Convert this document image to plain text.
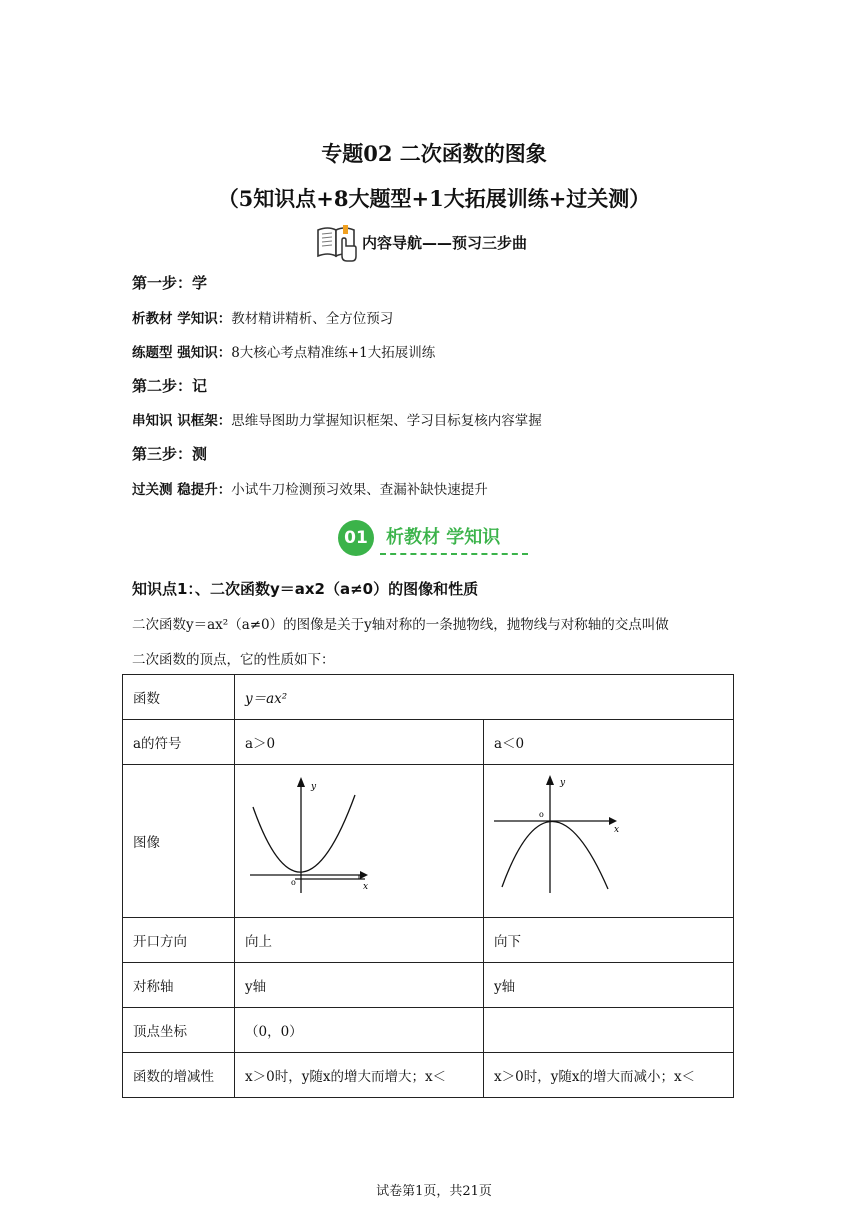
专题02 二次函数的图象
（5知识点+8大题型+1大拓展训练+过关测）
内容导航——预习三步曲
第一步：学
析教材 学知识：教材精讲精析、全方位预习
练题型 强知识：8大核心考点精准练+1大拓展训练
第二步：记
串知识 识框架：思维导图助力掌握知识框架、学习目标复核内容掌握
第三步：测
过关测 稳提升：小试牛刀检测预习效果、查漏补缺快速提升
01	析教材 学知识
知识点1：、二次函数y＝ax2（a≠0）的图像和性质
二次函数y＝ax²（a≠0）的图像是关于y轴对称的一条抛物线，抛物线与对称轴的交点叫做
二次函数的顶点，它的性质如下：
函数	y＝ax²	
a的符号	a＞0	a＜0
图像	y
x
o	y
x
o

开口方向	向上	向下
对称轴	y轴	y轴
顶点坐标	（0，0）	
函数的增减性	x＞0时，y随x的增大而增大；x＜	x＞0时，y随x的增大而减小；x＜
试卷第1页，共21页
